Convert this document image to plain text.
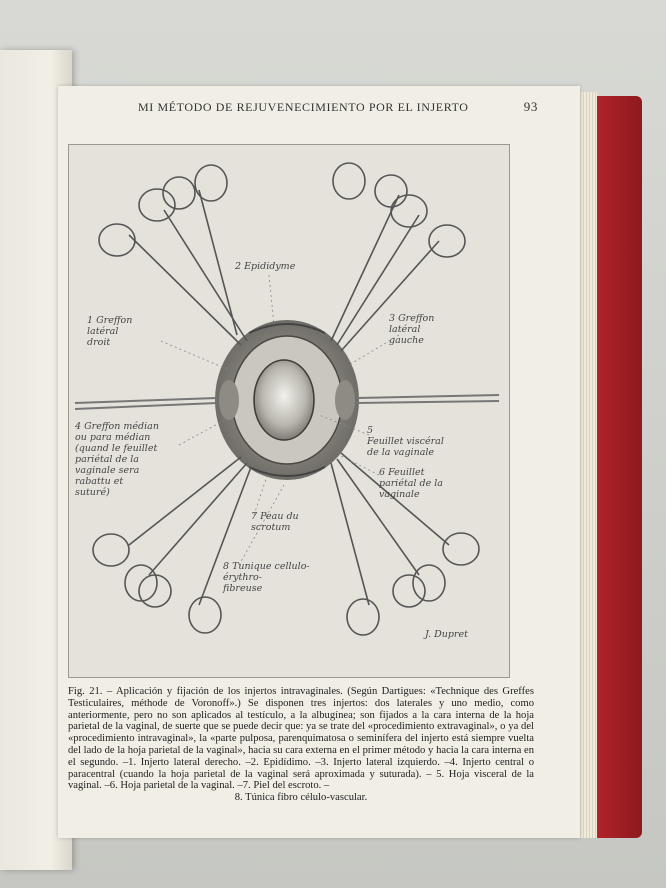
MI MÉTODO DE REJUVENECIMIENTO POR EL INJERTO	93
1 Greffon
latéral
droit
2 Epididyme
3 Greffon
latéral
gauche
4 Greffon médian
ou para médian
(quand le feuillet
pariétal de la
vaginale sera
rabattu et
suturé)
5
Feuillet viscéral
de la vaginale
6 Feuillet
pariétal de la
vaginale
7 Peau du
scrotum
8 Tunique cellulo-
érythro-
fibreuse
J. Dupret
Fig. 21. – Aplicación y fijación de los injertos intravaginales. (Según Dartigues: «Technique des Greffes Testiculaires, méthode de Voronoff».) Se disponen tres injertos: dos laterales y uno medio, como anteriormente, pero no son aplicados al testículo, a la albugínea; son fijados a la cara interna de la hoja parietal de la vaginal, de suerte que se puede decir que: ya se trate del «procedimiento extravaginal», o ya del «procedimiento intravaginal», la «parte pulposa, parenquimatosa o seminífera del injerto está siempre vuelta del lado de la hoja parietal de la vaginal», hacia su cara externa en el primer método y hacia la cara interna en el segundo. –1. Injerto lateral derecho. –2. Epidídimo. –3. Injerto lateral izquierdo. –4. Injerto central o paracentral (cuando la hoja parietal de la vaginal será aproximada y suturada). – 5. Hoja visceral de la vaginal. –6. Hoja parietal de la vaginal. –7. Piel del escroto. –
8. Túnica fibro célulo-vascular.
